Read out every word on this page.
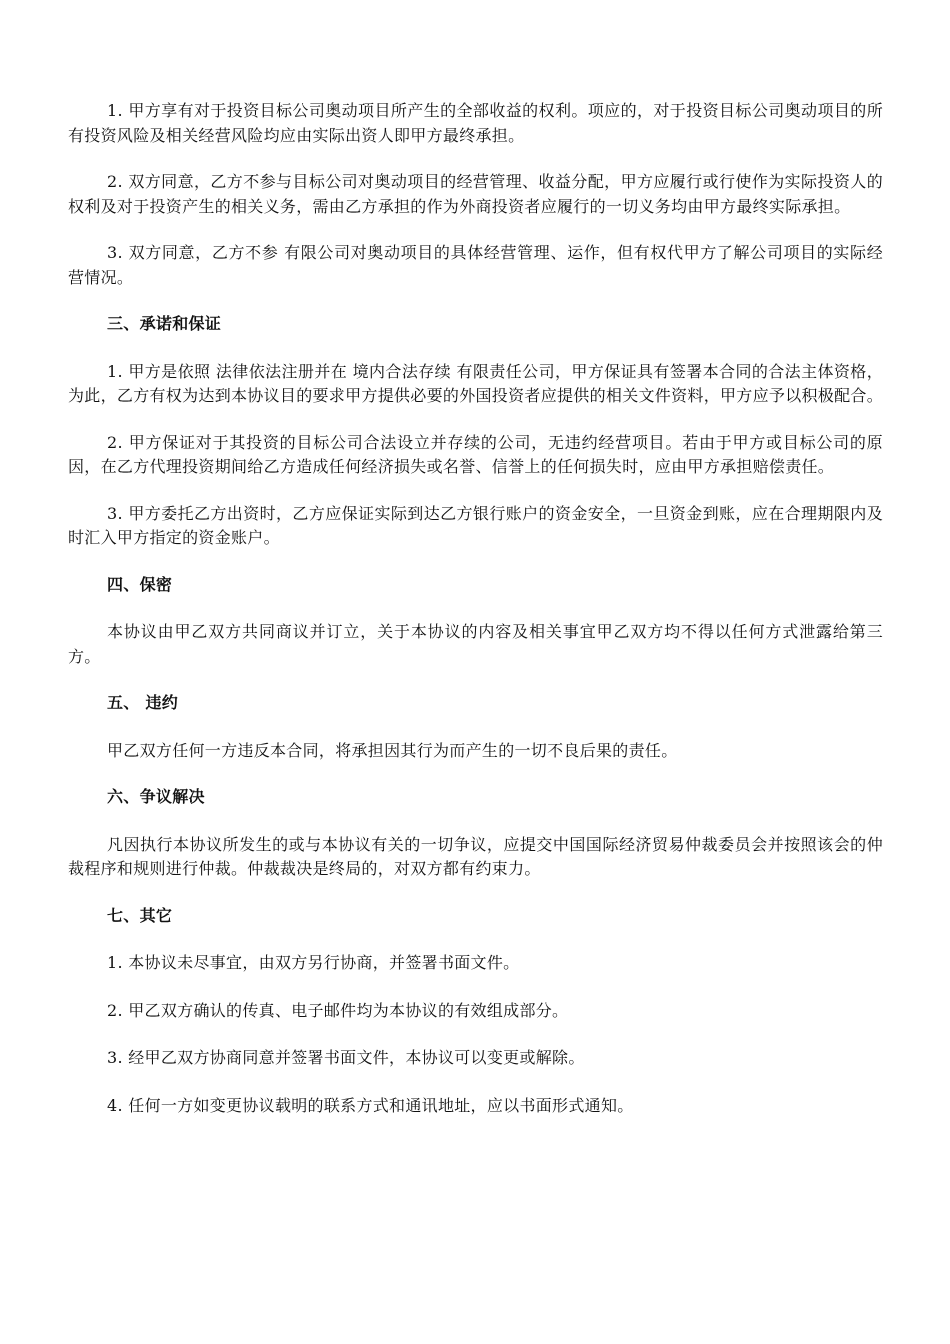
1. 甲方享有对于投资目标公司奥动项目所产生的全部收益的权利。项应的，对于投资目标公司奥动项目的所有投资风险及相关经营风险均应由实际出资人即甲方最终承担。

2. 双方同意，乙方不参与目标公司对奥动项目的经营管理、收益分配，甲方应履行或行使作为实际投资人的权利及对于投资产生的相关义务，需由乙方承担的作为外商投资者应履行的一切义务均由甲方最终实际承担。

3. 双方同意，乙方不参 有限公司对奥动项目的具体经营管理、运作，但有权代甲方了解公司项目的实际经营情况。

三、承诺和保证

1. 甲方是依照 法律依法注册并在 境内合法存续 有限责任公司，甲方保证具有签署本合同的合法主体资格，为此，乙方有权为达到本协议目的要求甲方提供必要的外国投资者应提供的相关文件资料，甲方应予以积极配合。

2. 甲方保证对于其投资的目标公司合法设立并存续的公司，无违约经营项目。若由于甲方或目标公司的原因，在乙方代理投资期间给乙方造成任何经济损失或名誉、信誉上的任何损失时，应由甲方承担赔偿责任。

3. 甲方委托乙方出资时，乙方应保证实际到达乙方银行账户的资金安全，一旦资金到账，应在合理期限内及时汇入甲方指定的资金账户。

四、保密

本协议由甲乙双方共同商议并订立，关于本协议的内容及相关事宜甲乙双方均不得以任何方式泄露给第三方。

五、 违约

甲乙双方任何一方违反本合同，将承担因其行为而产生的一切不良后果的责任。

六、争议解决

凡因执行本协议所发生的或与本协议有关的一切争议，应提交中国国际经济贸易仲裁委员会并按照该会的仲裁程序和规则进行仲裁。仲裁裁决是终局的，对双方都有约束力。

七、其它
1. 本协议未尽事宜，由双方另行协商，并签署书面文件。
2. 甲乙双方确认的传真、电子邮件均为本协议的有效组成部分。
3. 经甲乙双方协商同意并签署书面文件，本协议可以变更或解除。
4. 任何一方如变更协议载明的联系方式和通讯地址，应以书面形式通知。
